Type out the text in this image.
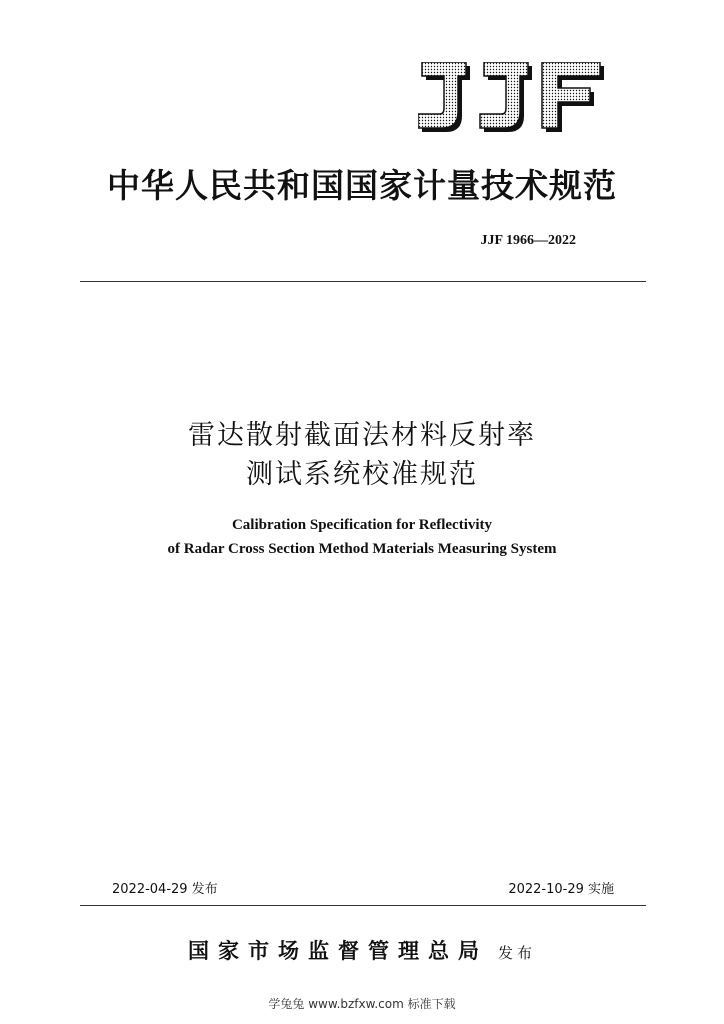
中华人民共和国国家计量技术规范
JJF 1966—2022
雷达散射截面法材料反射率
测试系统校准规范
Calibration Specification for Reflectivity
of Radar Cross Section Method Materials Measuring System
2022-04-29 发布	2022-10-29 实施
国家市场监督管理总局 发布
学兔兔 www.bzfxw.com 标准下载
